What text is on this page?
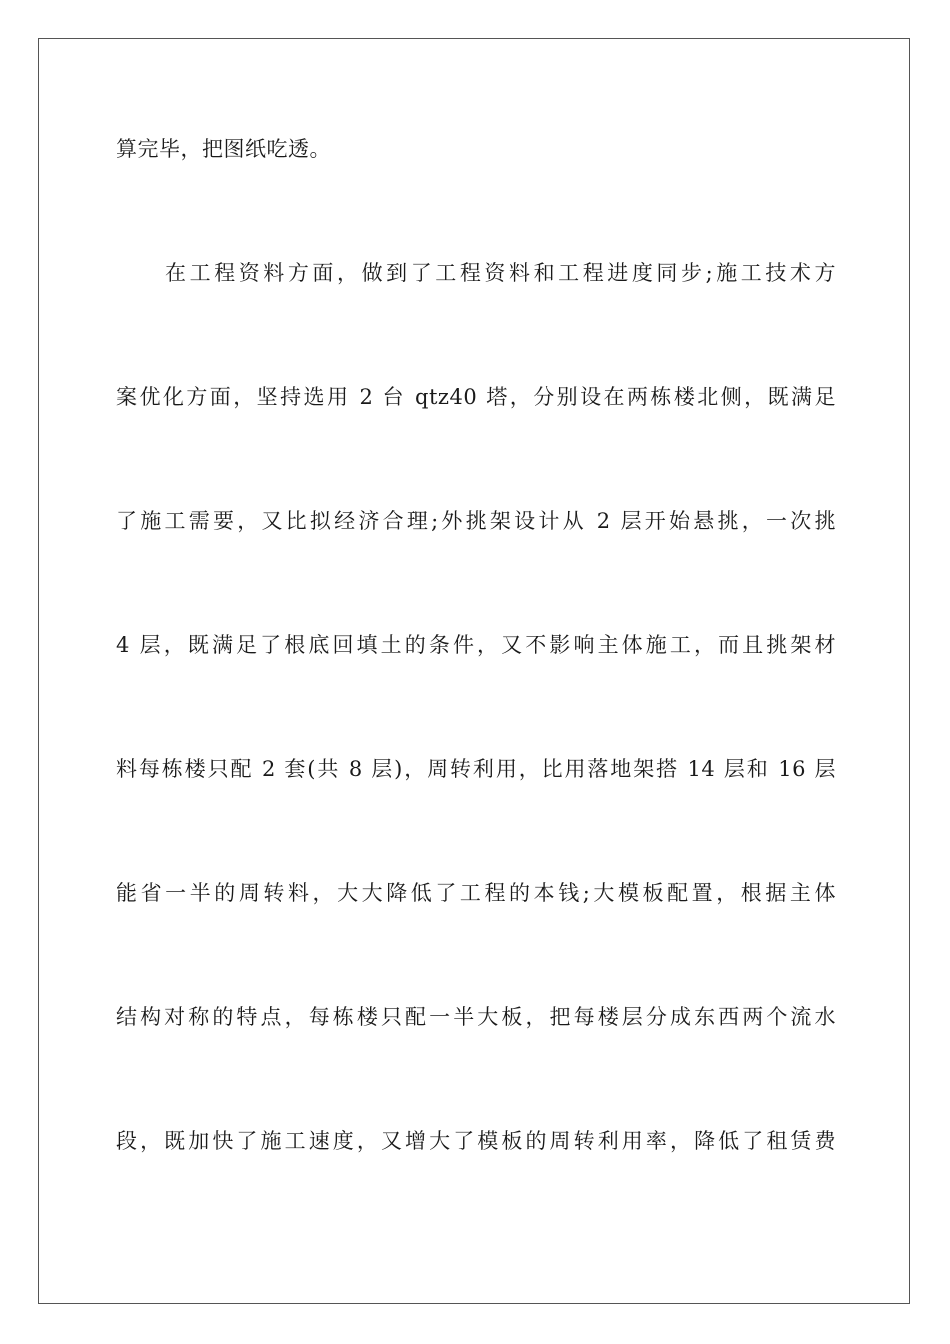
算完毕，把图纸吃透。
在工程资料方面，做到了工程资料和工程进度同步;施工技术方
案优化方面，坚持选用 2 台 qtz40 塔，分别设在两栋楼北侧，既满足
了施工需要，又比拟经济合理;外挑架设计从 2 层开始悬挑，一次挑
4 层，既满足了根底回填土的条件，又不影响主体施工，而且挑架材
料每栋楼只配 2 套(共 8 层)，周转利用，比用落地架搭 14 层和 16 层
能省一半的周转料，大大降低了工程的本钱;大模板配置，根据主体
结构对称的特点，每栋楼只配一半大板，把每楼层分成东西两个流水
段，既加快了施工速度，又增大了模板的周转利用率，降低了租赁费
